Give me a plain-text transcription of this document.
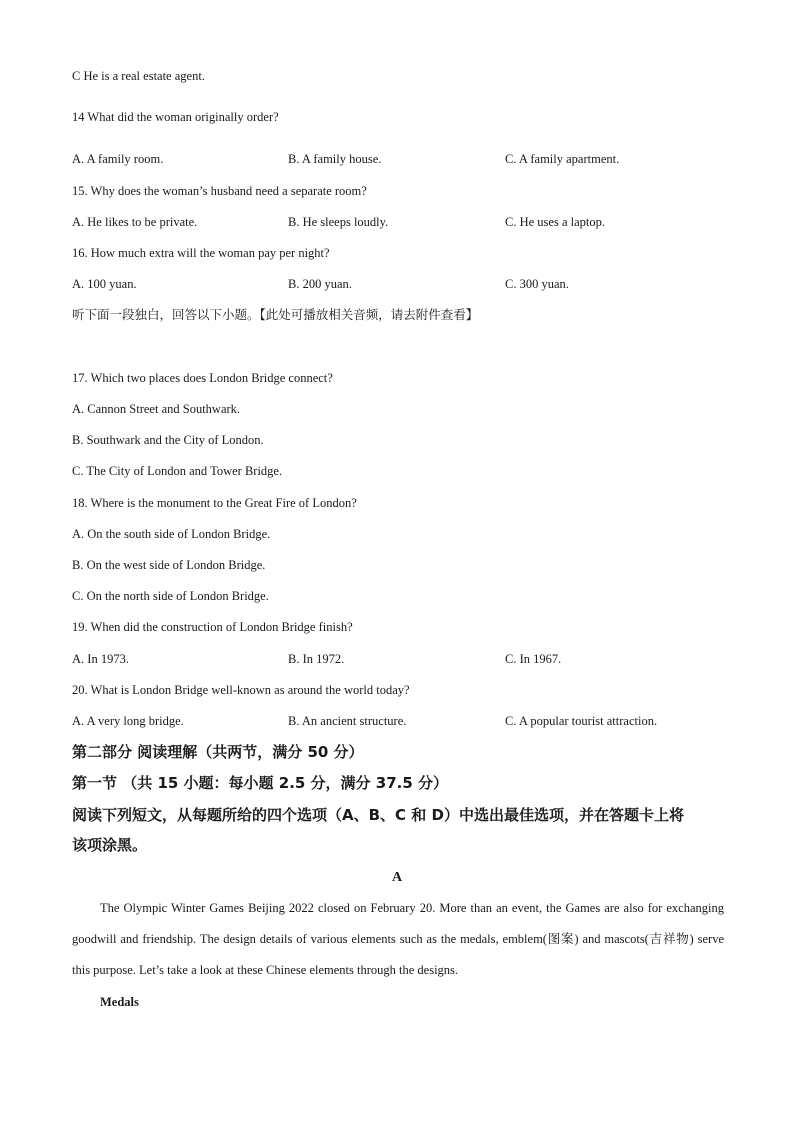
C He is a real estate agent.
14 What did the woman originally order?
A. A family room.	B. A family house.	C. A family apartment.
15. Why does the woman’s husband need a separate room?
A. He likes to be private.	B. He sleeps loudly.	C. He uses a laptop.
16. How much extra will the woman pay per night?
A. 100 yuan.	B. 200 yuan.	C. 300 yuan.
听下面一段独白，回答以下小题。【此处可播放相关音频，请去附件查看】
17. Which two places does London Bridge connect?
A. Cannon Street and Southwark.
B. Southwark and the City of London.
C. The City of London and Tower Bridge.
18. Where is the monument to the Great Fire of London?
A. On the south side of London Bridge.
B. On the west side of London Bridge.
C. On the north side of London Bridge.
19. When did the construction of London Bridge finish?
A. In 1973.	B. In 1972.	C. In 1967.
20. What is London Bridge well-known as around the world today?
A. A very long bridge.	B. An ancient structure.	C. A popular tourist attraction.
第二部分 阅读理解（共两节，满分 50 分）
第一节 （共 15 小题：每小题 2.5 分，满分 37.5 分）
阅读下列短文，从每题所给的四个选项（A、B、C 和 D）中选出最佳选项，并在答题卡上将
该项涂黑。
A
The Olympic Winter Games Beijing 2022 closed on February 20. More than an event, the Games are also for exchanging goodwill and friendship. The design details of various elements such as the medals, emblem(图案) and mascots(吉祥物) serve this purpose. Let’s take a look at these Chinese elements through the designs.
Medals
